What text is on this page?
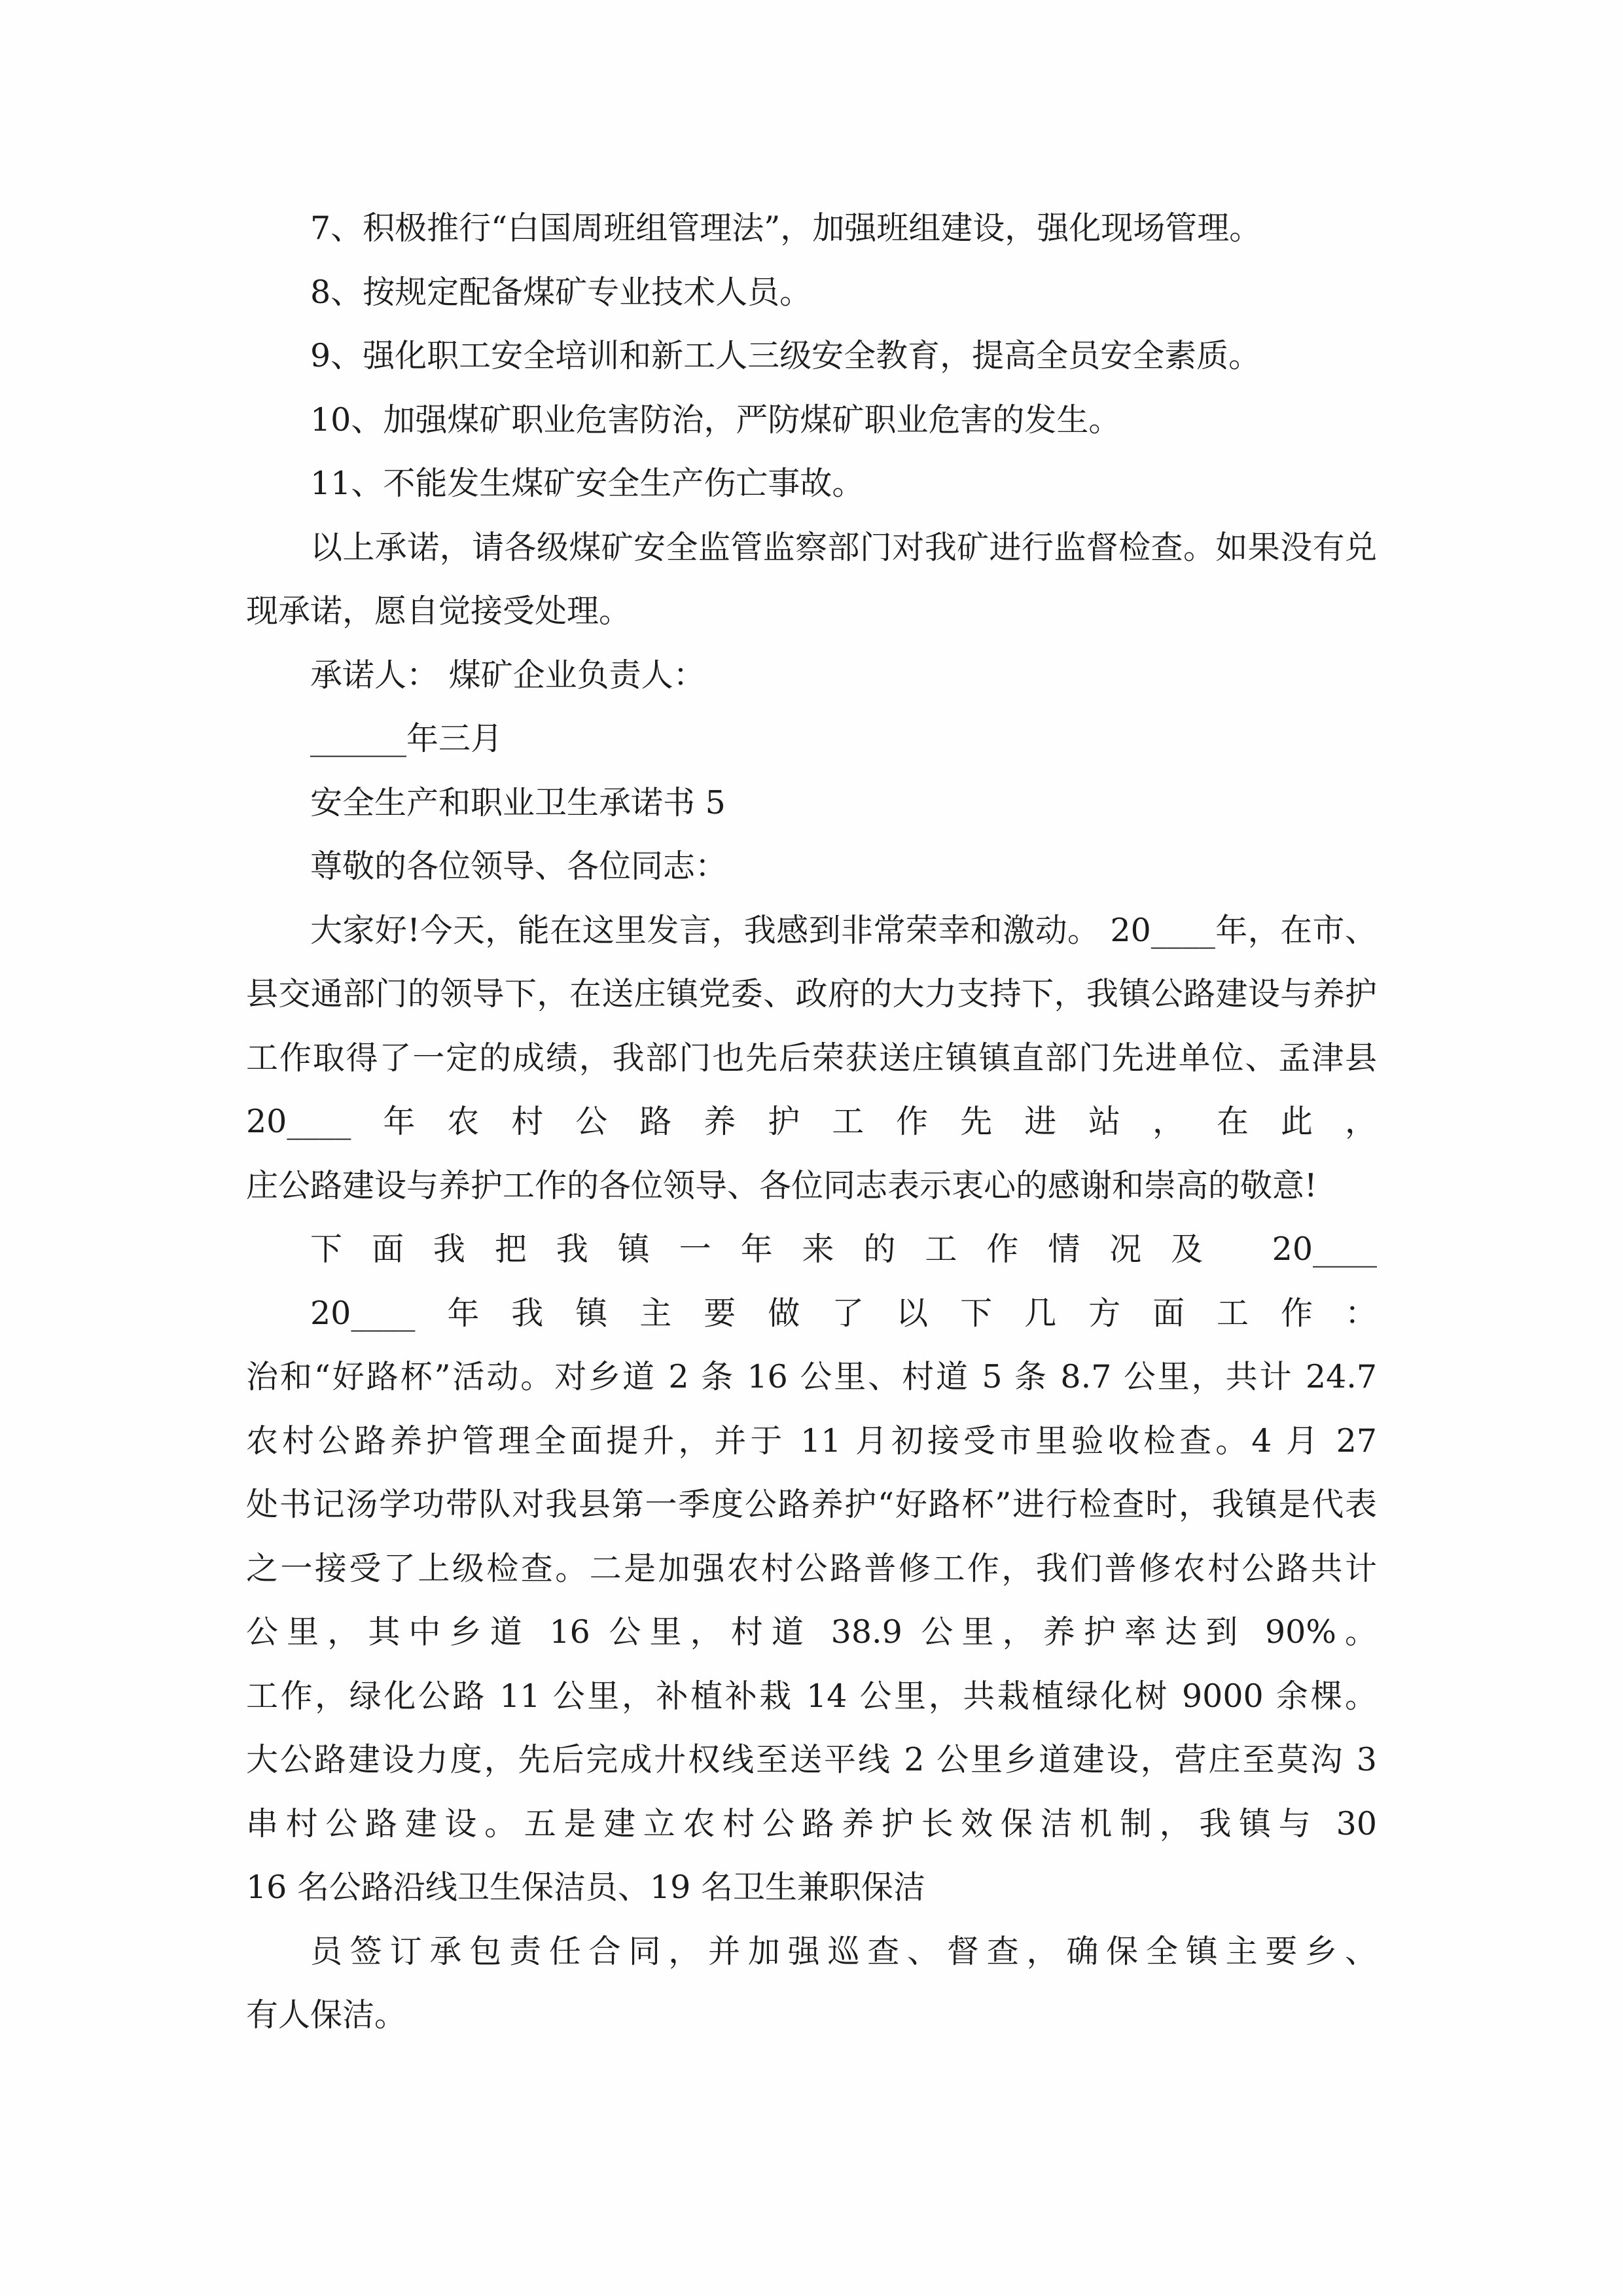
7、积极推行“白国周班组管理法”，加强班组建设，强化现场管理。
8、按规定配备煤矿专业技术人员。
9、强化职工安全培训和新工人三级安全教育，提高全员安全素质。
10、加强煤矿职业危害防治，严防煤矿职业危害的发生。
11、不能发生煤矿安全生产伤亡事故。
以上承诺，请各级煤矿安全监管监察部门对我矿进行监督检查。如果没有兑
现承诺，愿自觉接受处理。
承诺人： 煤矿企业负责人：
______年三月
安全生产和职业卫生承诺书 5
尊敬的各位领导、各位同志：
大家好!今天，能在这里发言，我感到非常荣幸和激动。 20____年，在市、
县交通部门的领导下，在送庄镇党委、政府的大力支持下，我镇公路建设与养护
工作取得了一定的成绩，我部门也先后荣获送庄镇镇直部门先进单位、孟津县
20____年农村公路养护工作先进站，在此，
庄公路建设与养护工作的各位领导、各位同志表示衷心的感谢和崇高的敬意!
下面我把我镇一年来的工作情况及 20____
20____年我镇主要做了以下几方面工作：
治和“好路杯”活动。对乡道 2 条 16 公里、村道 5 条 8.7 公里，共计 24.7
农村公路养护管理全面提升，并于 11 月初接受市里验收检查。4 月 27
处书记汤学功带队对我县第一季度公路养护“好路杯”进行检查时，我镇是代表
之一接受了上级检查。二是加强农村公路普修工作，我们普修农村公路共计
公里，其中乡道 16 公里，村道 38.9 公里，养护率达到 90%。
工作，绿化公路 11 公里，补植补栽 14 公里，共栽植绿化树 9000 余棵。
大公路建设力度，先后完成廾权线至送平线 2 公里乡道建设，营庄至莫沟 3
串村公路建设。五是建立农村公路养护长效保洁机制，我镇与 30
16 名公路沿线卫生保洁员、19 名卫生兼职保洁
员签订承包责任合同，并加强巡查、督查，确保全镇主要乡、
有人保洁。
